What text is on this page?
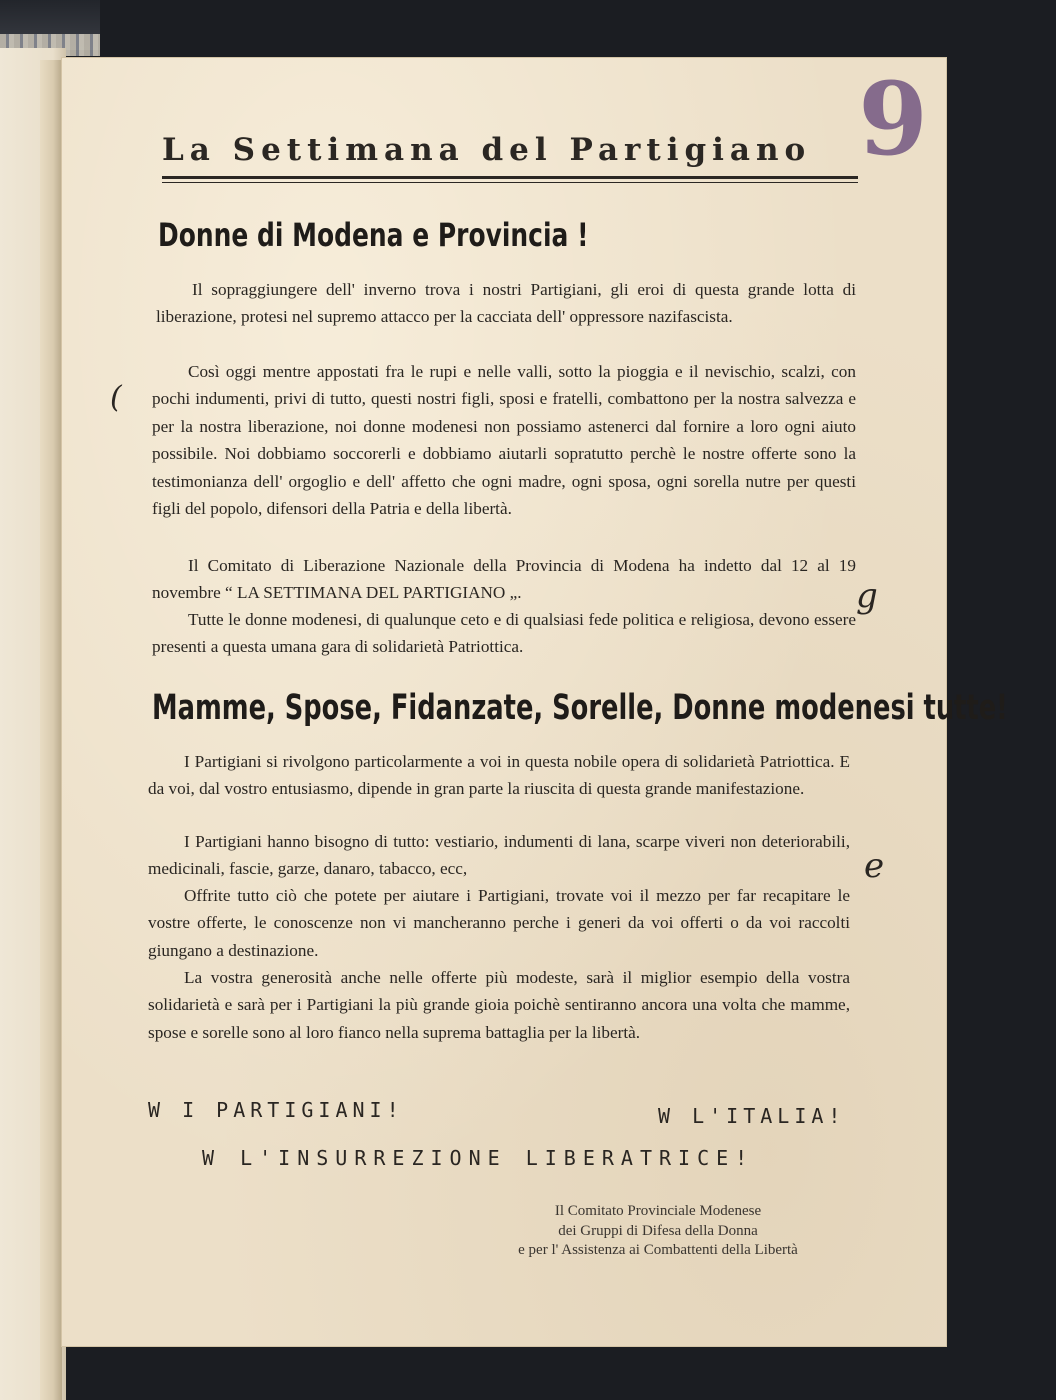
La Settimana del Partigiano 9
Donne di Modena e Provincia !

Il sopraggiungere dell' inverno trova i nostri Partigiani, gli eroi di questa grande lotta di liberazione, protesi nel supremo attacco per la cacciata dell' oppressore nazifascista.

Così oggi mentre appostati fra le rupi e nelle valli, sotto la pioggia e il nevischio, scalzi, con pochi indumenti, privi di tutto, questi nostri figli, sposi e fratelli, combattono per la nostra salvezza e per la nostra liberazione, noi donne modenesi non possiamo astenerci dal fornire a loro ogni aiuto possibile. Noi dobbiamo soccorerli e dobbiamo aiutarli sopratutto perchè le nostre offerte sono la testimonianza dell' orgoglio e dell' affetto che ogni madre, ogni sposa, ogni sorella nutre per questi figli del popolo, difensori della Patria e della libertà.

Il Comitato di Liberazione Nazionale della Provincia di Modena ha indetto dal 12 al 19 novembre “ LA SETTIMANA DEL PARTIGIANO „.

Tutte le donne modenesi, di qualunque ceto e di qualsiasi fede politica e religiosa, devono essere presenti a questa umana gara di solidarietà Patriottica.

Mamme, Spose, Fidanzate, Sorelle, Donne modenesi tutte!

I Partigiani si rivolgono particolarmente a voi in questa nobile opera di solidarietà Patriottica. E da voi, dal vostro entusiasmo, dipende in gran parte la riuscita di questa grande manifestazione.

I Partigiani hanno bisogno di tutto: vestiario, indumenti di lana, scarpe viveri non deteriorabili, medicinali, fascie, garze, danaro, tabacco, ecc,

Offrite tutto ciò che potete per aiutare i Partigiani, trovate voi il mezzo per far recapitare le vostre offerte, le conoscenze non vi mancheranno perche i generi da voi offerti o da voi raccolti giungano a destinazione.

La vostra generosità anche nelle offerte più modeste, sarà il miglior esempio della vostra solidarietà e sarà per i Partigiani la più grande gioia poichè sentiranno ancora una volta che mamme, spose e sorelle sono al loro fianco nella suprema battaglia per la libertà.

W I PARTIGIANI!	W L'ITALIA!
W L'INSURREZIONE LIBERATRICE!
Il Comitato Provinciale Modenese
dei Gruppi di Difesa della Donna
e per l' Assistenza ai Combattenti della Libertà
(
g
e
